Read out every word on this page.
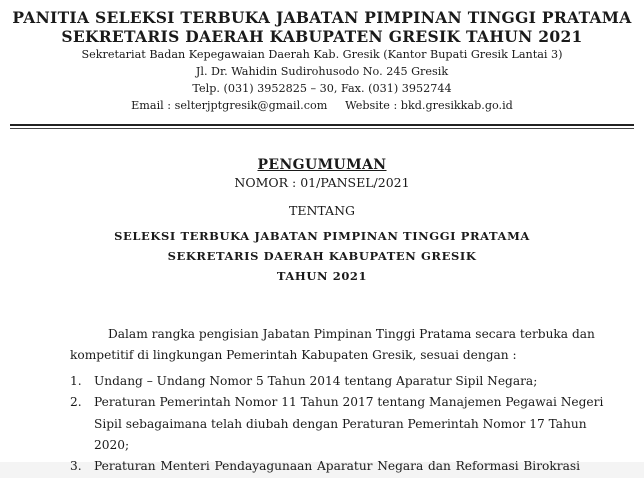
PANITIA SELEKSI TERBUKA JABATAN PIMPINAN TINGGI PRATAMA
SEKRETARIS DAERAH KABUPATEN GRESIK TAHUN 2021
Sekretariat Badan Kepegawaian Daerah Kab. Gresik (Kantor Bupati Gresik Lantai 3)
Jl. Dr. Wahidin Sudirohusodo No. 245 Gresik
Telp. (031) 3952825 – 30, Fax. (031) 3952744
Email : selterjptgresik@gmail.com     Website : bkd.gresikkab.go.id
PENGUMUMAN
NOMOR : 01/PANSEL/2021
TENTANG
SELEKSI TERBUKA JABATAN PIMPINAN TINGGI PRATAMA
SEKRETARIS DAERAH KABUPATEN GRESIK
TAHUN 2021
Dalam rangka pengisian Jabatan Pimpinan Tinggi Pratama secara terbuka dan
kompetitif di lingkungan Pemerintah Kabupaten Gresik, sesuai dengan :
1. Undang – Undang Nomor 5 Tahun 2014 tentang Aparatur Sipil Negara;
2. Peraturan Pemerintah Nomor 11 Tahun 2017 tentang Manajemen Pegawai Negeri
Sipil sebagaimana telah diubah dengan Peraturan Pemerintah Nomor 17 Tahun
2020;
3. Peraturan Menteri Pendayagunaan Aparatur Negara dan Reformasi Birokrasi
